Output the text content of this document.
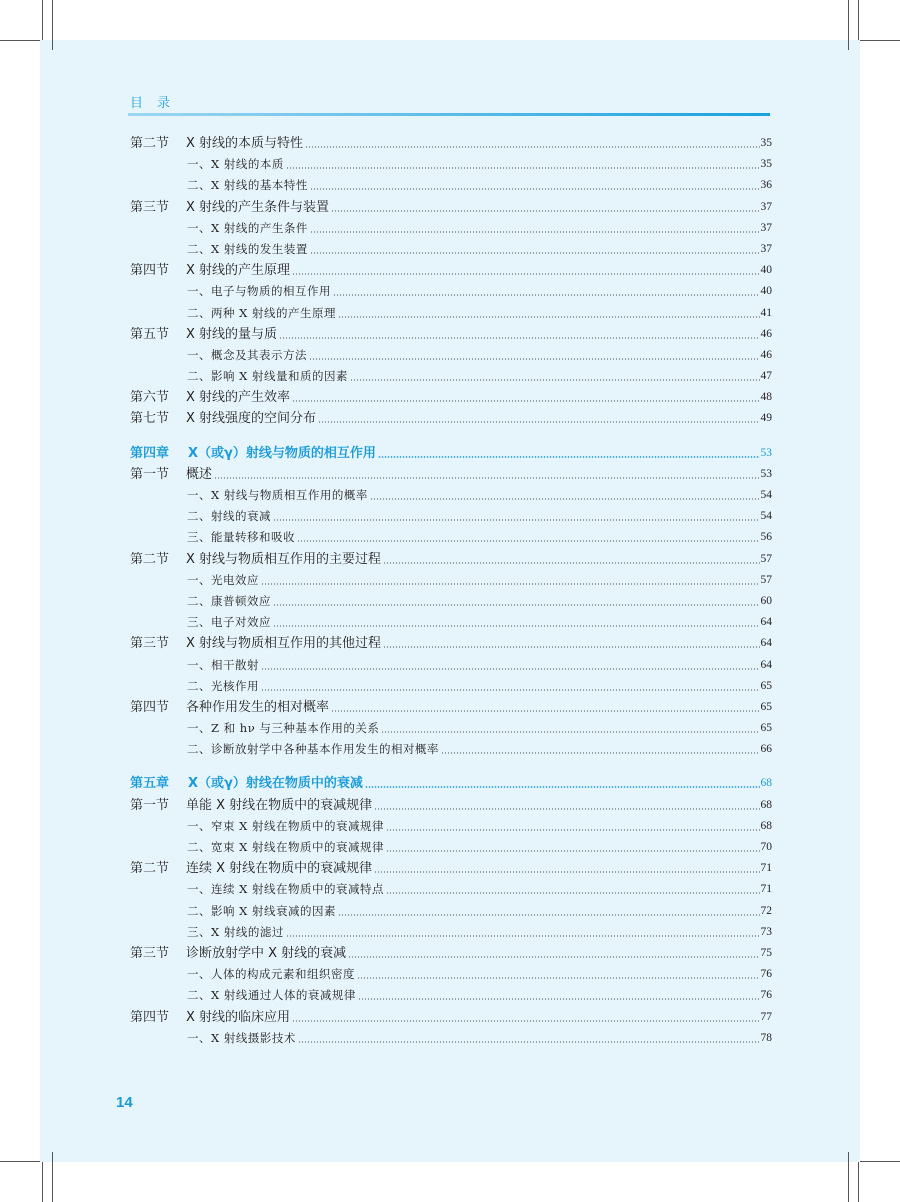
目录
第二节 X 射线的本质与特性	35
一、X 射线的本质	35
二、X 射线的基本特性	36
第三节 X 射线的产生条件与装置	37
一、X 射线的产生条件	37
二、X 射线的发生装置	37
第四节 X 射线的产生原理	40
一、电子与物质的相互作用	40
二、两种 X 射线的产生原理	41
第五节 X 射线的量与质	46
一、概念及其表示方法	46
二、影响 X 射线量和质的因素	47
第六节 X 射线的产生效率	48
第七节 X 射线强度的空间分布	49
第四章 X（或γ）射线与物质的相互作用	53
第一节 概述	53
一、X 射线与物质相互作用的概率	54
二、射线的衰减	54
三、能量转移和吸收	56
第二节 X 射线与物质相互作用的主要过程	57
一、光电效应	57
二、康普顿效应	60
三、电子对效应	64
第三节 X 射线与物质相互作用的其他过程	64
一、相干散射	64
二、光核作用	65
第四节 各种作用发生的相对概率	65
一、Z 和 hν 与三种基本作用的关系	65
二、诊断放射学中各种基本作用发生的相对概率	66
第五章 X（或γ）射线在物质中的衰减	68
第一节 单能 X 射线在物质中的衰减规律	68
一、窄束 X 射线在物质中的衰减规律	68
二、宽束 X 射线在物质中的衰减规律	70
第二节 连续 X 射线在物质中的衰减规律	71
一、连续 X 射线在物质中的衰减特点	71
二、影响 X 射线衰减的因素	72
三、X 射线的滤过	73
第三节 诊断放射学中 X 射线的衰减	75
一、人体的构成元素和组织密度	76
二、X 射线通过人体的衰减规律	76
第四节 X 射线的临床应用	77
一、X 射线摄影技术	78
14
